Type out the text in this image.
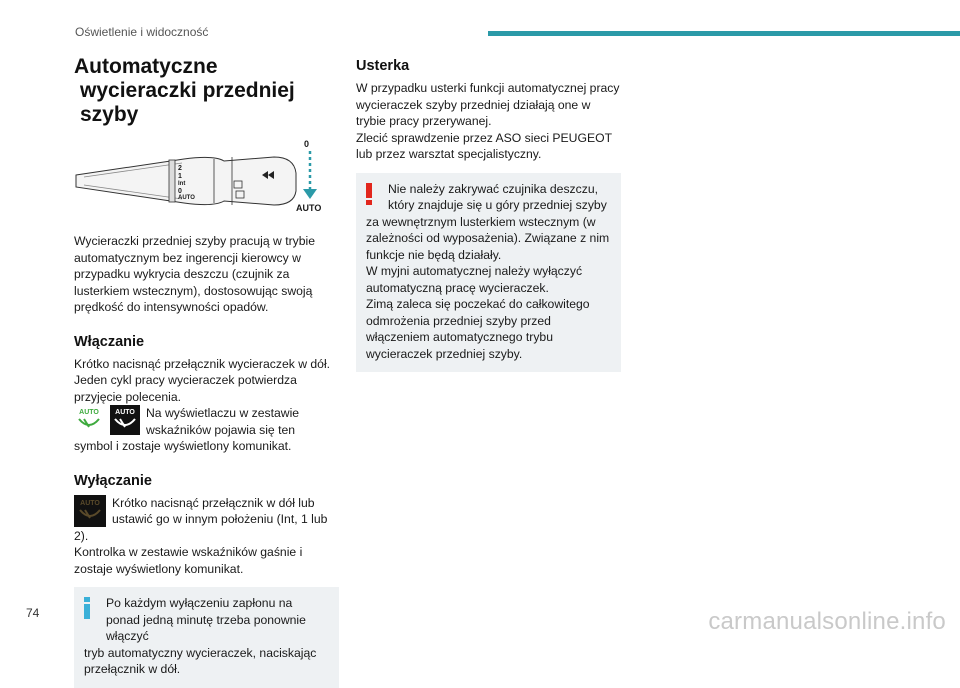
Oświetlenie i widoczność
Automatyczne wycieraczki przedniej szyby
0
AUTO
2
1
Int
0
AUTO

Wycieraczki przedniej szyby pracują w trybie automatycznym bez ingerencji kierowcy w przypadku wykrycia deszczu (czujnik za lusterkiem wstecznym), dostosowując swoją prędkość do intensywności opadów.

Włączanie

Krótko nacisnąć przełącznik wycieraczek w dół. Jeden cykl pracy wycieraczek potwierdza przyjęcie polecenia.

AUTO AUTO Na wyświetlaczu w zestawie wskaźników pojawia się ten

symbol i zostaje wyświetlony komunikat.

Wyłączanie
AUTO Krótko nacisnąć przełącznik w dół lub ustawić go w innym położeniu (Int, 1 lub

2).

Kontrolka w zestawie wskaźników gaśnie i zostaje wyświetlony komunikat.

Po każdym wyłączeniu zapłonu na ponad jedną minutę trzeba ponownie włączyć

tryb automatyczny wycieraczek, naciskając przełącznik w dół.

Usterka

W przypadku usterki funkcji automatycznej pracy wycieraczek szyby przedniej działają one w trybie pracy przerywanej.

Zlecić sprawdzenie przez ASO sieci PEUGEOT lub przez warsztat specjalistyczny.

Nie należy zakrywać czujnika deszczu, który znajduje się u góry przedniej szyby

za wewnętrznym lusterkiem wstecznym (w zależności od wyposażenia). Związane z nim funkcje nie będą działały.

W myjni automatycznej należy wyłączyć automatyczną pracę wycieraczek.

Zimą zaleca się poczekać do całkowitego odmrożenia przedniej szyby przed włączeniem automatycznego trybu wycieraczek przedniej szyby.

74	carmanualsonline.info
